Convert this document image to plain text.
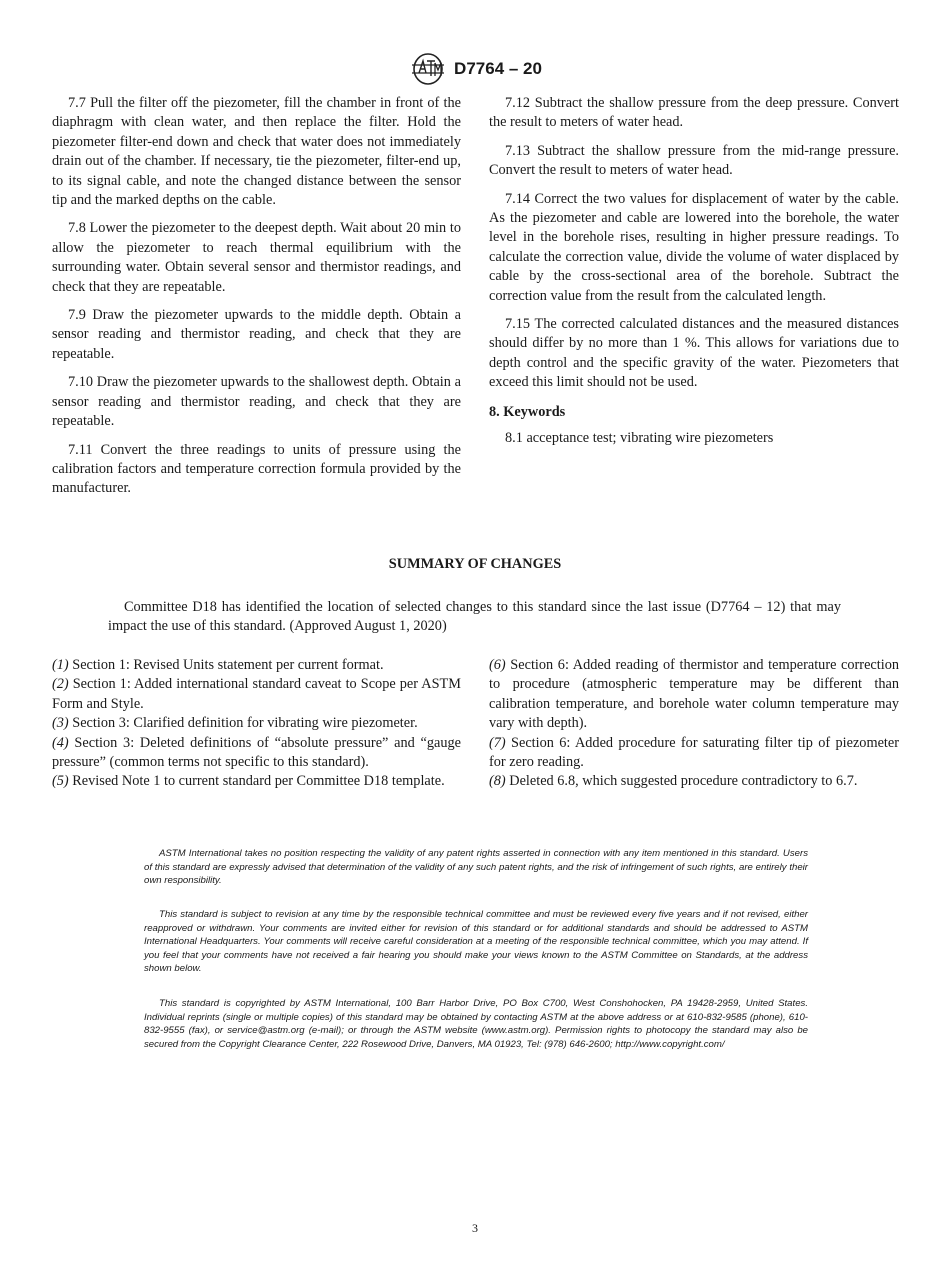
D7764 – 20

7.7 Pull the filter off the piezometer, fill the chamber in front of the diaphragm with clean water, and then replace the filter. Hold the piezometer filter-end down and check that water does not immediately drain out of the chamber. If necessary, tie the piezometer, filter-end up, to its signal cable, and note the changed distance between the sensor tip and the marked depths on the cable.

7.8 Lower the piezometer to the deepest depth. Wait about 20 min to allow the piezometer to reach thermal equilibrium with the surrounding water. Obtain several sensor and thermistor readings, and check that they are repeatable.

7.9 Draw the piezometer upwards to the middle depth. Obtain a sensor reading and thermistor reading, and check that they are repeatable.

7.10 Draw the piezometer upwards to the shallowest depth. Obtain a sensor reading and thermistor reading, and check that they are repeatable.

7.11 Convert the three readings to units of pressure using the calibration factors and temperature correction formula provided by the manufacturer.

7.12 Subtract the shallow pressure from the deep pressure. Convert the result to meters of water head.

7.13 Subtract the shallow pressure from the mid-range pressure. Convert the result to meters of water head.

7.14 Correct the two values for displacement of water by the cable. As the piezometer and cable are lowered into the borehole, the water level in the borehole rises, resulting in higher pressure readings. To calculate the correction value, divide the volume of water displaced by cable by the cross-sectional area of the borehole. Subtract the correction value from the result from the calculated length.

7.15 The corrected calculated distances and the measured distances should differ by no more than 1 %. This allows for variations due to depth control and the specific gravity of the water. Piezometers that exceed this limit should not be used.

8. Keywords

8.1 acceptance test; vibrating wire piezometers

SUMMARY OF CHANGES

Committee D18 has identified the location of selected changes to this standard since the last issue (D7764 – 12) that may impact the use of this standard. (Approved August 1, 2020)

(1) Section 1: Revised Units statement per current format.

(2) Section 1: Added international standard caveat to Scope per ASTM Form and Style.

(3) Section 3: Clarified definition for vibrating wire piezometer.

(4) Section 3: Deleted definitions of “absolute pressure” and “gauge pressure” (common terms not specific to this standard).

(5) Revised Note 1 to current standard per Committee D18 template.

(6) Section 6: Added reading of thermistor and temperature correction to procedure (atmospheric temperature may be different than calibration temperature, and borehole water column temperature may vary with depth).

(7) Section 6: Added procedure for saturating filter tip of piezometer for zero reading.

(8) Deleted 6.8, which suggested procedure contradictory to 6.7.

ASTM International takes no position respecting the validity of any patent rights asserted in connection with any item mentioned in this standard. Users of this standard are expressly advised that determination of the validity of any such patent rights, and the risk of infringement of such rights, are entirely their own responsibility.

This standard is subject to revision at any time by the responsible technical committee and must be reviewed every five years and if not revised, either reapproved or withdrawn. Your comments are invited either for revision of this standard or for additional standards and should be addressed to ASTM International Headquarters. Your comments will receive careful consideration at a meeting of the responsible technical committee, which you may attend. If you feel that your comments have not received a fair hearing you should make your views known to the ASTM Committee on Standards, at the address shown below.

This standard is copyrighted by ASTM International, 100 Barr Harbor Drive, PO Box C700, West Conshohocken, PA 19428-2959, United States. Individual reprints (single or multiple copies) of this standard may be obtained by contacting ASTM at the above address or at 610-832-9585 (phone), 610-832-9555 (fax), or service@astm.org (e-mail); or through the ASTM website (www.astm.org). Permission rights to photocopy the standard may also be secured from the Copyright Clearance Center, 222 Rosewood Drive, Danvers, MA 01923, Tel: (978) 646-2600; http://www.copyright.com/

3
